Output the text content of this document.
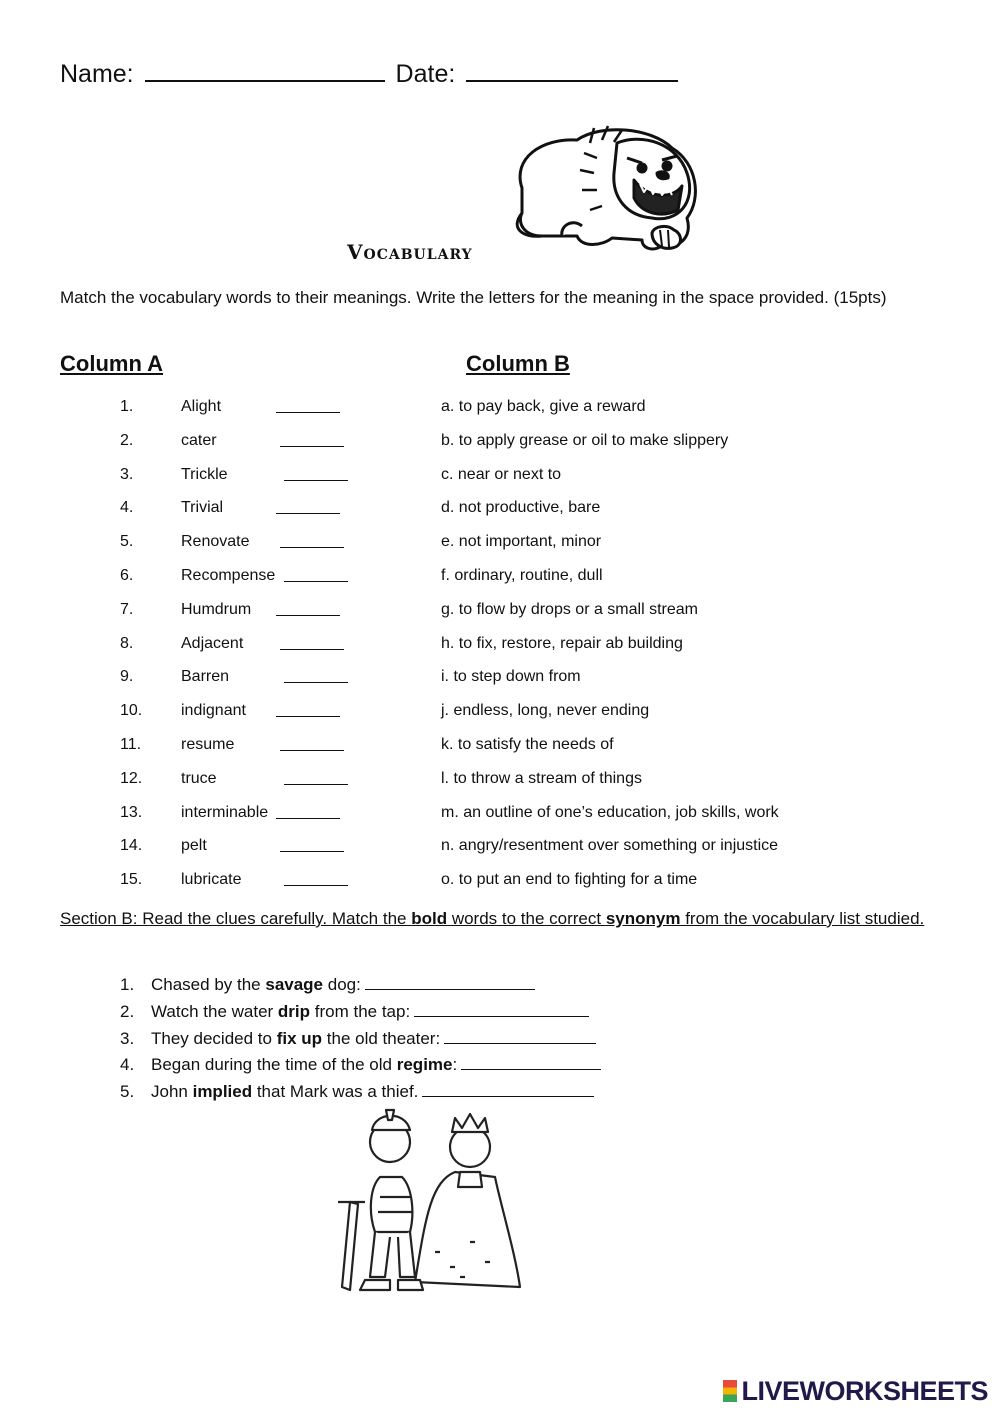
Name:	Date:
Vocabulary
Match the vocabulary words to their meanings. Write the letters for the meaning in the space provided. (15pts)
Column A	Column B
1.	Alight	a. to pay back, give a reward
2.	cater	b. to apply grease or oil to make slippery
3.	Trickle	c. near or next to
4.	Trivial	d. not productive, bare
5.	Renovate	e. not important, minor
6.	Recompense	f. ordinary, routine, dull
7.	Humdrum	g. to flow by drops or a small stream
8.	Adjacent	h. to fix, restore, repair ab building
9.	Barren	i. to step down from
10. indignant	j. endless, long, never ending
11. resume	k. to satisfy the needs of
12. truce	l. to throw a stream of things
13. interminable	m. an outline of one’s education, job skills, work
14. pelt	n. angry/resentment over something or injustice
15. lubricate	o. to put an end to fighting for a time
Section B: Read the clues carefully. Match the bold words to the correct synonym from the vocabulary list studied.
1. Chased by the savage dog:
2. Watch the water drip from the tap:
3. They decided to fix up the old theater:
4. Began during the time of the old regime:
5. John implied that Mark was a thief.
LIVEWORKSHEETS
